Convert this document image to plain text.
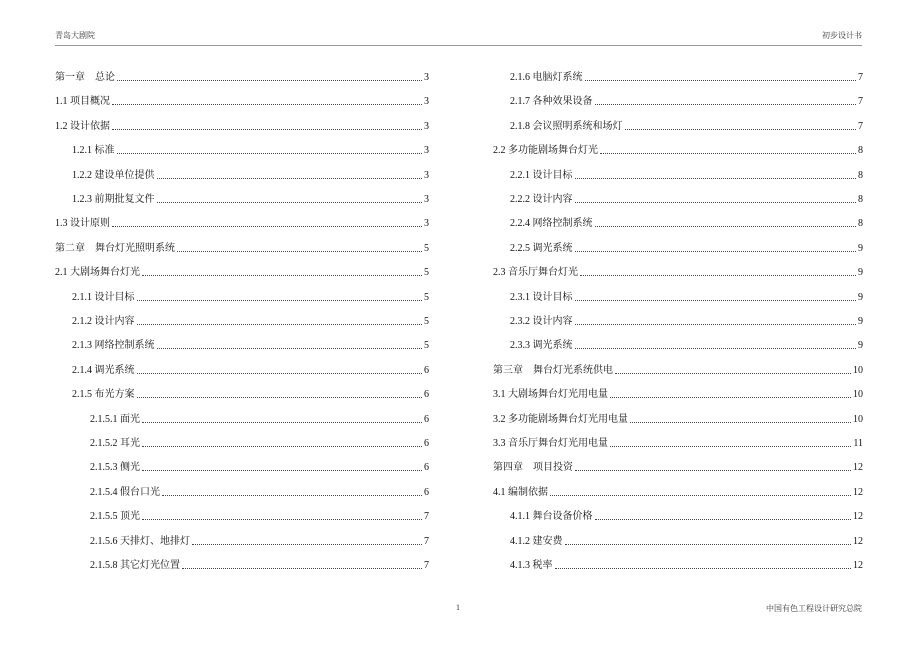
青岛大剧院	初步设计书
第一章　总论	3
1.1 项目概况	3
1.2 设计依据	3
1.2.1 标准	3
1.2.2 建设单位提供	3
1.2.3 前期批复文件	3
1.3 设计原则	3
第二章　舞台灯光照明系统	5
2.1 大剧场舞台灯光	5
2.1.1 设计目标	5
2.1.2 设计内容	5
2.1.3 网络控制系统	5
2.1.4 调光系统	6
2.1.5 布光方案	6
2.1.5.1 面光	6
2.1.5.2 耳光	6
2.1.5.3 侧光	6
2.1.5.4 假台口光	6
2.1.5.5 顶光	7
2.1.5.6 天排灯、地排灯	7
2.1.5.8 其它灯光位置	7
2.1.6 电脑灯系统	7
2.1.7 各种效果设备	7
2.1.8 会议照明系统和场灯	7
2.2 多功能剧场舞台灯光	8
2.2.1 设计目标	8
2.2.2 设计内容	8
2.2.4 网络控制系统	8
2.2.5 调光系统	9
2.3 音乐厅舞台灯光	9
2.3.1 设计目标	9
2.3.2 设计内容	9
2.3.3 调光系统	9
第三章　舞台灯光系统供电	10
3.1 大剧场舞台灯光用电量	10
3.2 多功能剧场舞台灯光用电量	10
3.3 音乐厅舞台灯光用电量	11
第四章　项目投资	12
4.1 编制依据	12
4.1.1 舞台设备价格	12
4.1.2 建安费	12
4.1.3 税率	12
1	中国有色工程设计研究总院
